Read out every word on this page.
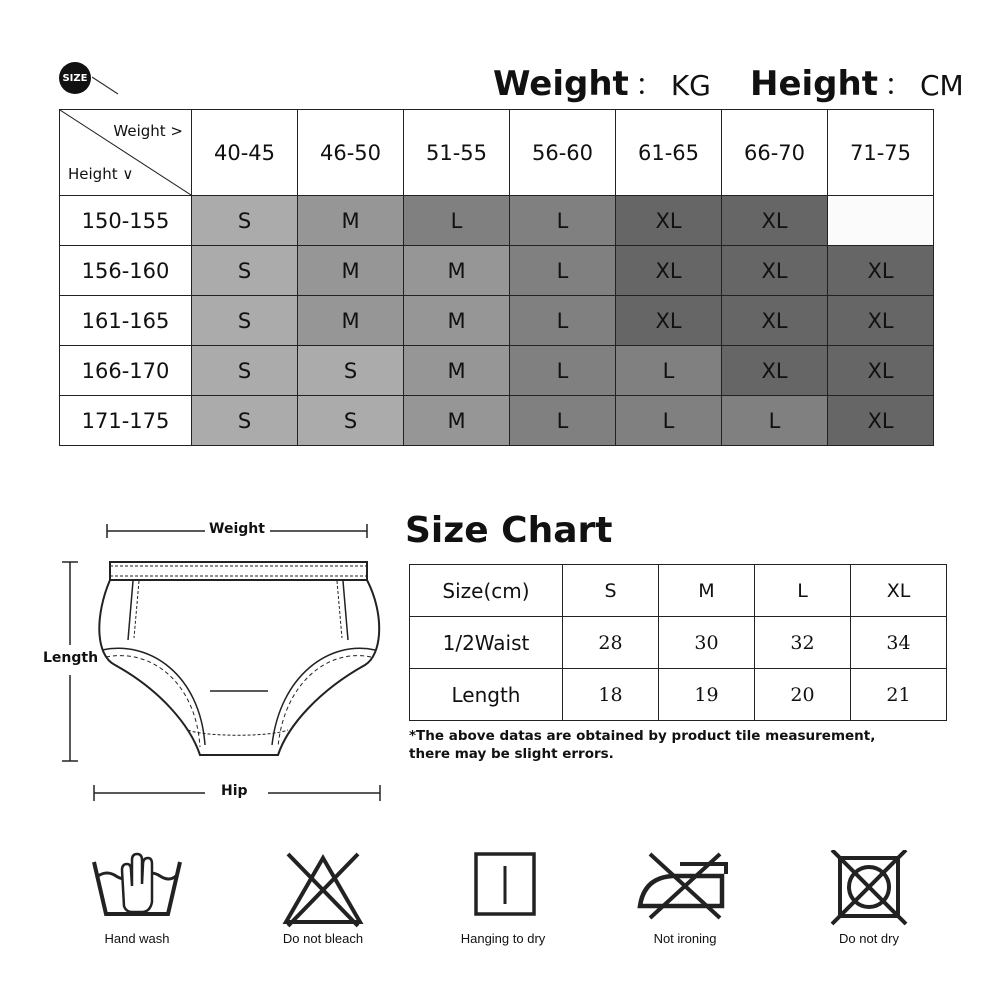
SIZE	Weight ： KG Height ： CM
Weight >
Height ∨	40-45	46-50	51-55	56-60	61-65	66-70	71-75
150-155	S	M	L	L	XL	XL	
156-160	S	M	M	L	XL	XL	XL
161-165	S	M	M	L	XL	XL	XL
166-170	S	S	M	L	L	XL	XL
171-175	S	S	M	L	L	L	XL
Size Chart
Size(cm)	S	M	L	XL
1/2Waist	28	30	32	34
Length	18	19	20	21
*The above datas are obtained by product tile measurement,
there may be slight errors.
Weight
Length
Hip
Hand wash	Do not bleach	Hanging to dry	Not ironing	Do not dry
